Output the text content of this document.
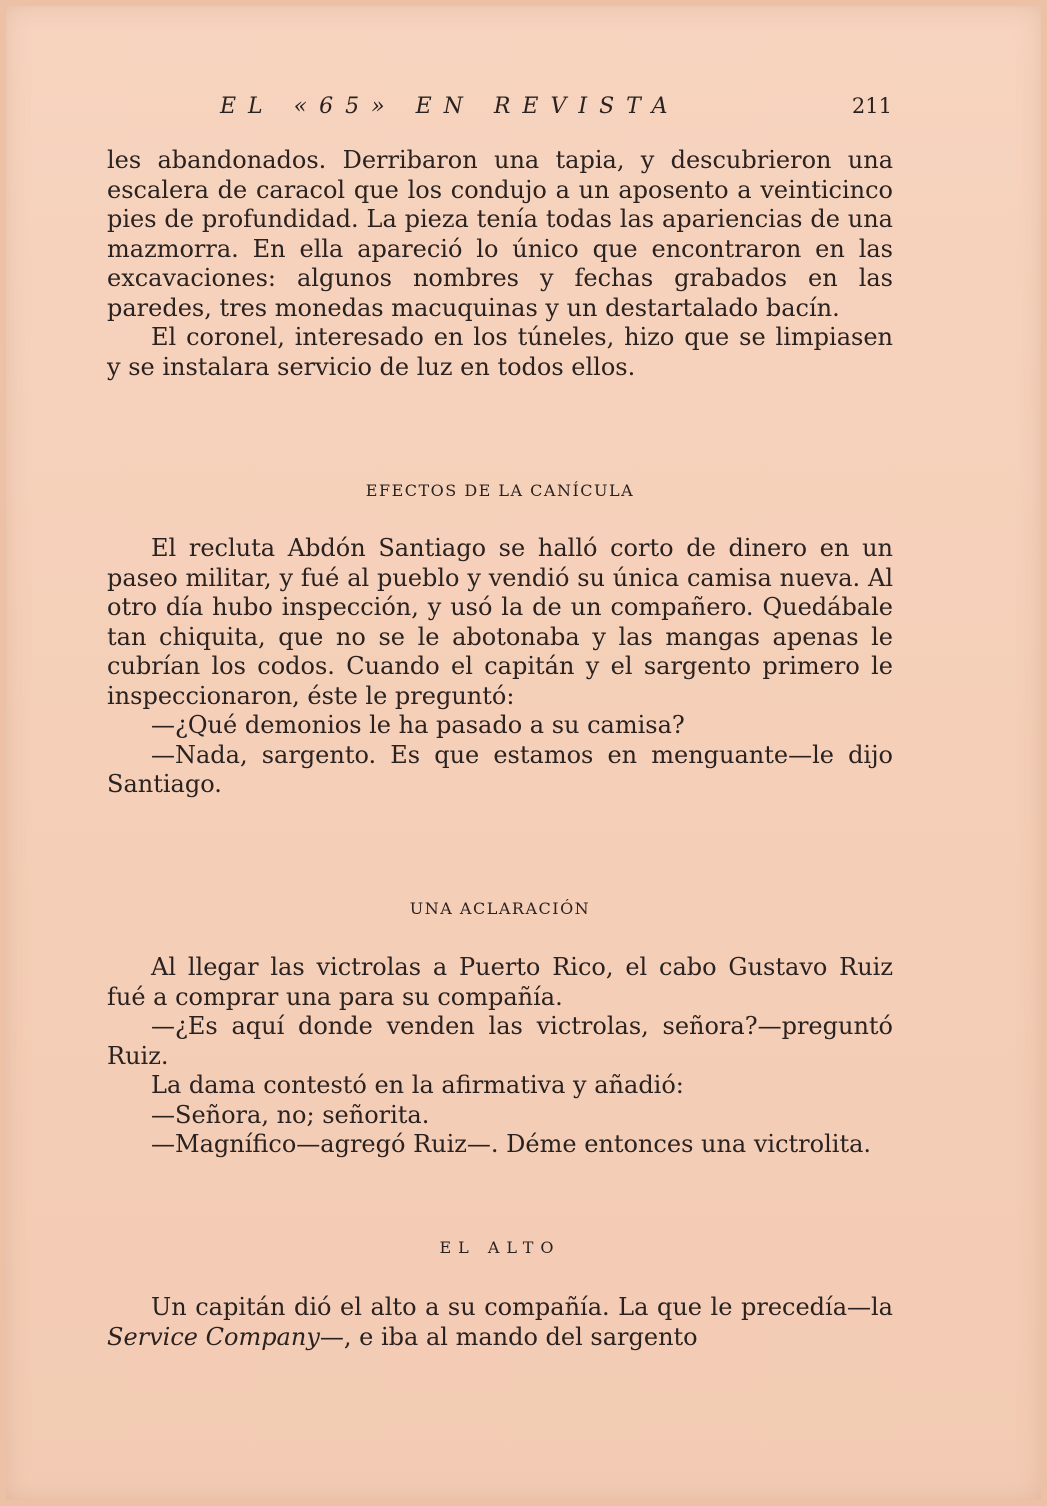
EL «65» EN REVISTA	211

les abandonados. Derribaron una tapia, y descubrieron una escalera de caracol que los condujo a un aposento a veinticinco pies de profundidad. La pieza tenía todas las apariencias de una mazmorra. En ella apareció lo único que encontraron en las excavaciones: algunos nombres y fechas grabados en las paredes, tres monedas macuquinas y un destartalado bacín.

El coronel, interesado en los túneles, hizo que se limpiasen y se instalara servicio de luz en todos ellos.

EFECTOS DE LA CANÍCULA

El recluta Abdón Santiago se halló corto de dinero en un paseo militar, y fué al pueblo y vendió su única camisa nueva. Al otro día hubo inspección, y usó la de un compañero. Quedábale tan chiquita, que no se le abotonaba y las mangas apenas le cubrían los codos. Cuando el capitán y el sargento primero le inspeccionaron, éste le preguntó:

—¿Qué demonios le ha pasado a su camisa?

—Nada, sargento. Es que estamos en menguante—le dijo Santiago.

UNA ACLARACIÓN

Al llegar las victrolas a Puerto Rico, el cabo Gustavo Ruiz fué a comprar una para su compañía.

—¿Es aquí donde venden las victrolas, señora?—preguntó Ruiz.

La dama contestó en la afirmativa y añadió:

—Señora, no; señorita.

—Magnífico—agregó Ruiz—. Déme entonces una victrolita.

EL ALTO

Un capitán dió el alto a su compañía. La que le precedía—la Service Company—, e iba al mando del sargento
